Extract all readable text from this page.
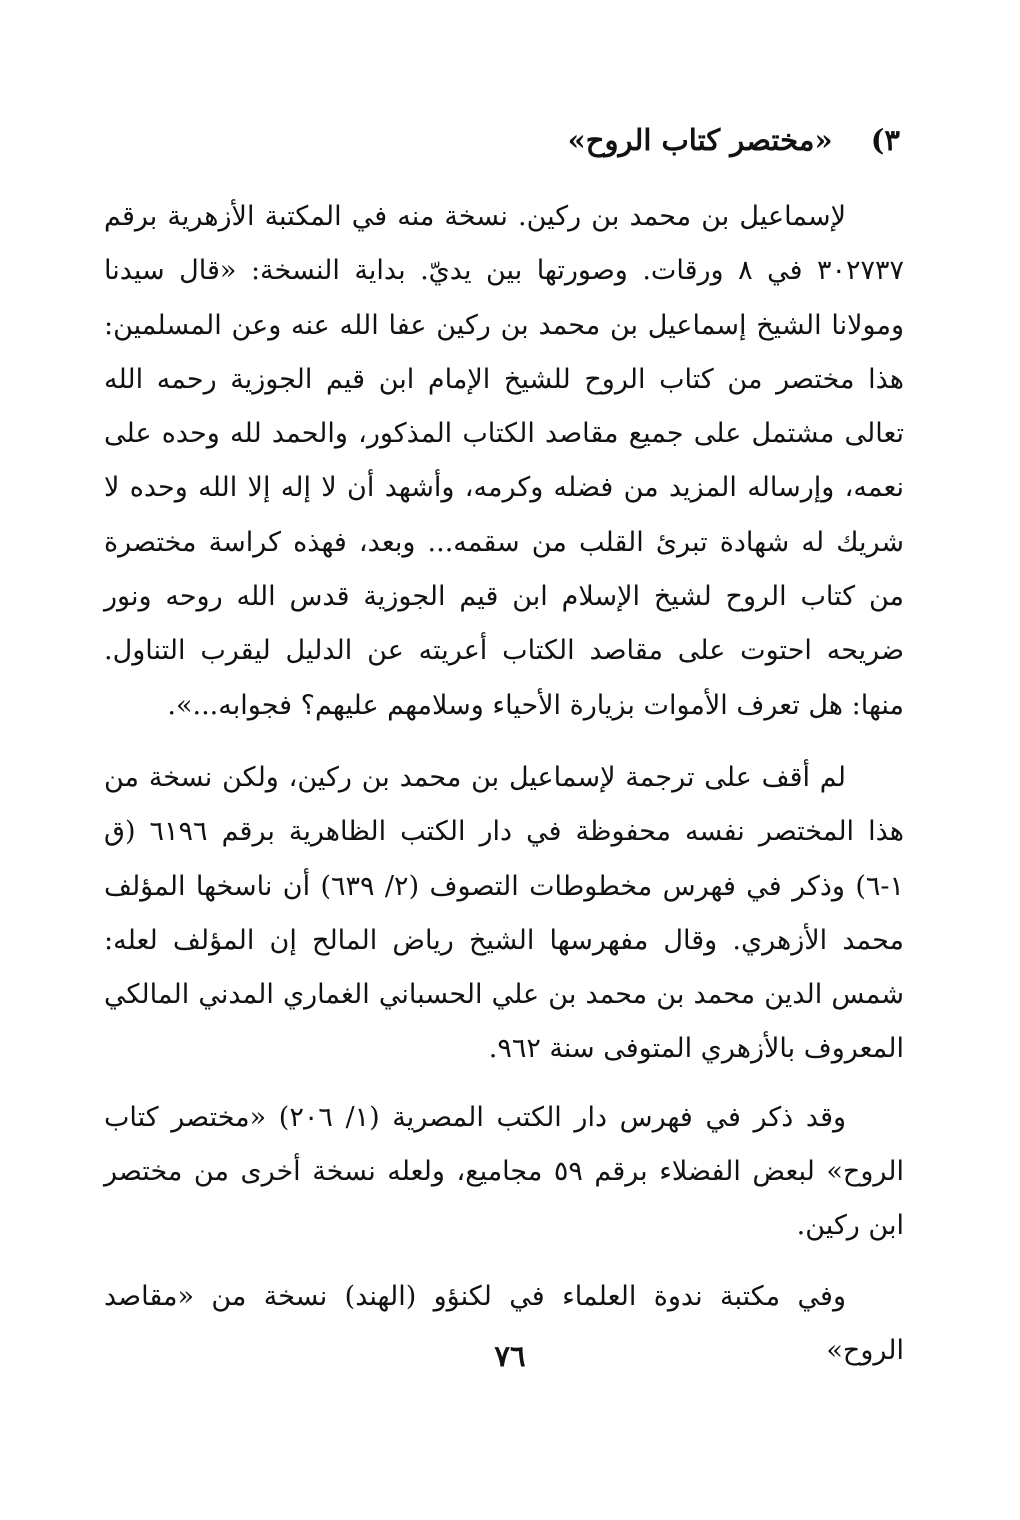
٣) «مختصر كتاب الروح»

لإسماعيل بن محمد بن ركين. نسخة منه في المكتبة الأزهرية برقم ٣٠٢٧٣٧ في ٨ ورقات. وصورتها بين يديّ. بداية النسخة: «قال سيدنا ومولانا الشيخ إسماعيل بن محمد بن ركين عفا الله عنه وعن المسلمين: هذا مختصر من كتاب الروح للشيخ الإمام ابن قيم الجوزية رحمه الله تعالى مشتمل على جميع مقاصد الكتاب المذكور، والحمد لله وحده على نعمه، وإرساله المزيد من فضله وكرمه، وأشهد أن لا إله إلا الله وحده لا شريك له شهادة تبرئ القلب من سقمه... وبعد، فهذه كراسة مختصرة من كتاب الروح لشيخ الإسلام ابن قيم الجوزية قدس الله روحه ونور ضريحه احتوت على مقاصد الكتاب أعريته عن الدليل ليقرب التناول. منها: هل تعرف الأموات بزيارة الأحياء وسلامهم عليهم؟ فجوابه...».

لم أقف على ترجمة لإسماعيل بن محمد بن ركين، ولكن نسخة من هذا المختصر نفسه محفوظة في دار الكتب الظاهرية برقم ٦١٩٦ (ق ١-٦) وذكر في فهرس مخطوطات التصوف (٢/ ٦٣٩) أن ناسخها المؤلف محمد الأزهري. وقال مفهرسها الشيخ رياض المالح إن المؤلف لعله: شمس الدين محمد بن محمد بن علي الحسباني الغماري المدني المالكي المعروف بالأزهري المتوفى سنة ٩٦٢.

وقد ذكر في فهرس دار الكتب المصرية (١/ ٢٠٦) «مختصر كتاب الروح» لبعض الفضلاء برقم ٥٩ مجاميع، ولعله نسخة أخرى من مختصر ابن ركين.

وفي مكتبة ندوة العلماء في لكنؤو (الهند) نسخة من «مقاصد الروح»

٧٦
